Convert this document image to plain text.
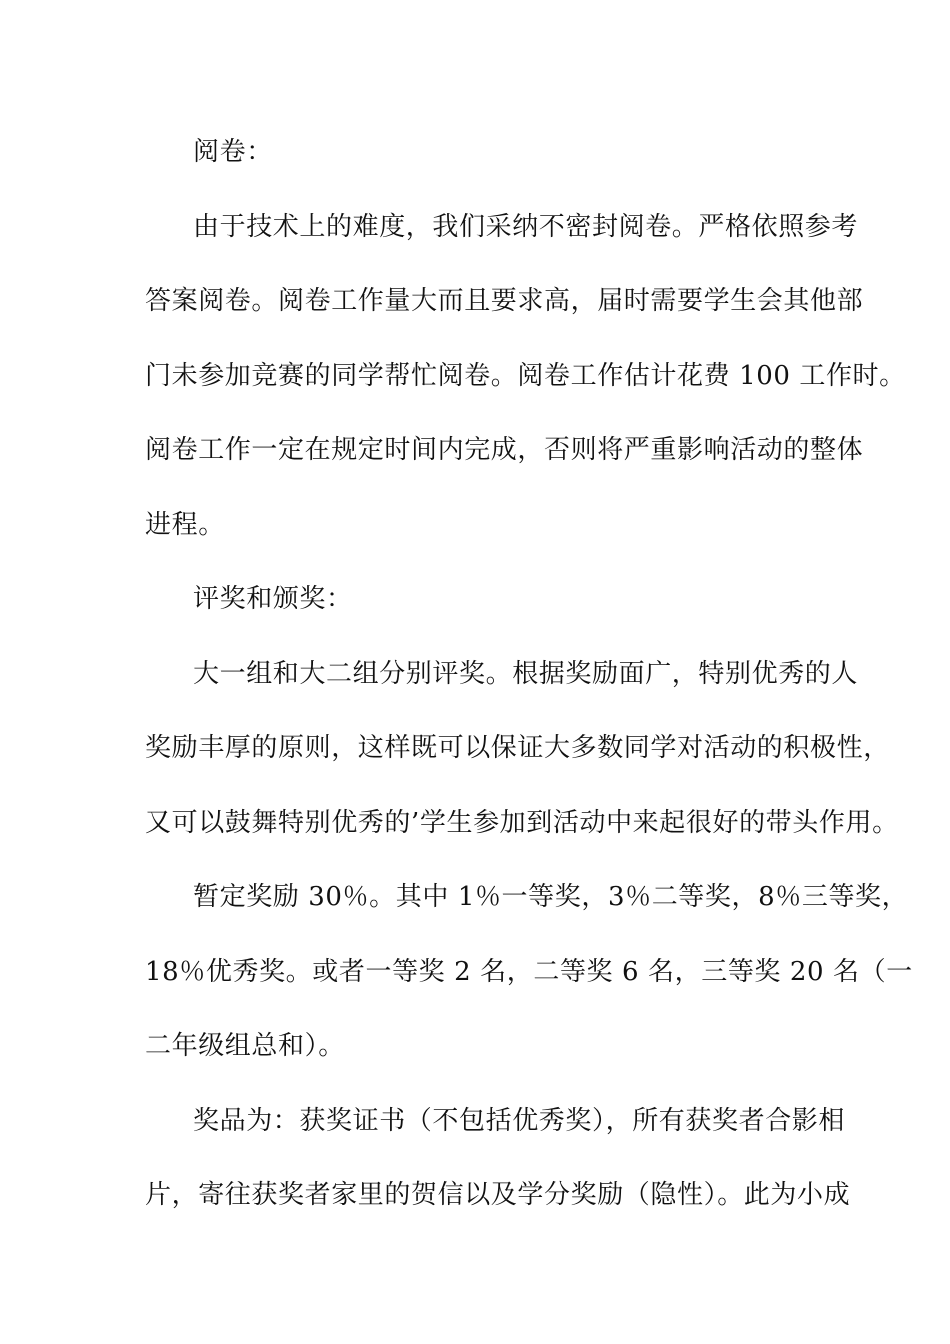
阅卷：
由于技术上的难度，我们采纳不密封阅卷。严格依照参考
答案阅卷。阅卷工作量大而且要求高，届时需要学生会其他部
门未参加竞赛的同学帮忙阅卷。阅卷工作估计花费 100 工作时。
阅卷工作一定在规定时间内完成，否则将严重影响活动的整体
进程。
评奖和颁奖：
大一组和大二组分别评奖。根据奖励面广，特别优秀的人
奖励丰厚的原则，这样既可以保证大多数同学对活动的积极性，
又可以鼓舞特别优秀的’学生参加到活动中来起很好的带头作用。
暂定奖励 30％。其中 1％一等奖，3％二等奖，8％三等奖，
18％优秀奖。或者一等奖 2 名，二等奖 6 名，三等奖 20 名（一
二年级组总和）。
奖品为：获奖证书（不包括优秀奖），所有获奖者合影相
片，寄往获奖者家里的贺信以及学分奖励（隐性）。此为小成
